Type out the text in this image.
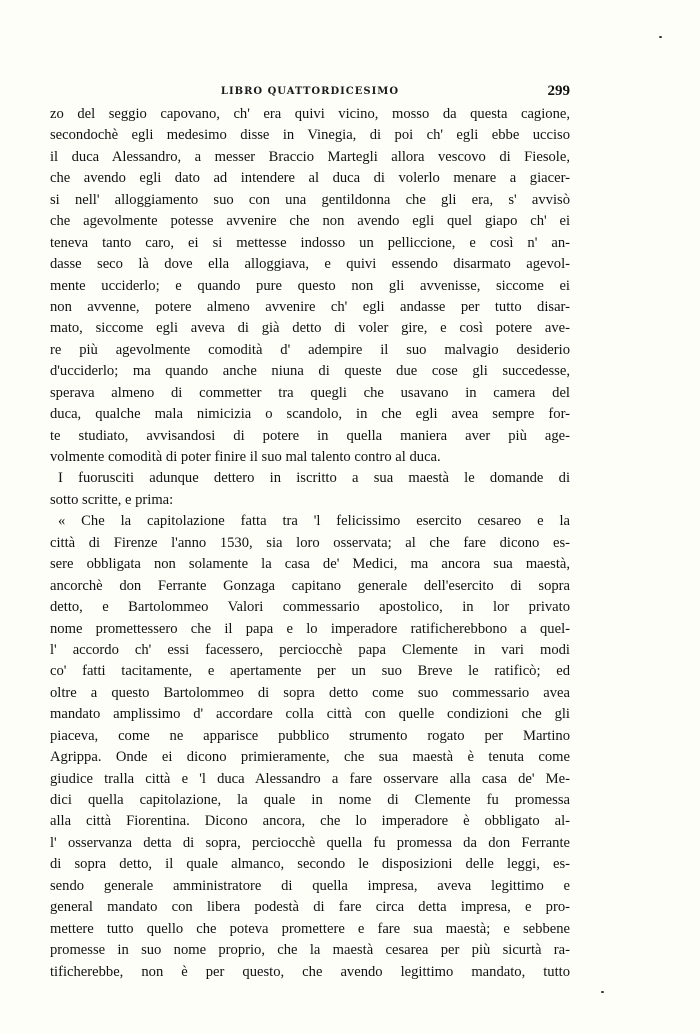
LIBRO QUATTORDICESIMO	299
zo del seggio capovano, ch' era quivi vicino, mosso da questa cagione,
secondochè egli medesimo disse in Vinegia, di poi ch' egli ebbe ucciso
il duca Alessandro, a messer Braccio Martegli allora vescovo di Fiesole,
che avendo egli dato ad intendere al duca di volerlo menare a giacer-
si nell' alloggiamento suo con una gentildonna che gli era, s' avvisò
che agevolmente potesse avvenire che non avendo egli quel giapo ch' ei
teneva tanto caro, ei si mettesse indosso un pelliccione, e così n' an-
dasse seco là dove ella alloggiava, e quivi essendo disarmato agevol-
mente ucciderlo; e quando pure questo non gli avvenisse, siccome ei
non avvenne, potere almeno avvenire ch' egli andasse per tutto disar-
mato, siccome egli aveva di già detto di voler gire, e così potere ave-
re più agevolmente comodità d' adempire il suo malvagio desiderio
d'ucciderlo; ma quando anche niuna di queste due cose gli succedesse,
sperava almeno di commetter tra quegli che usavano in camera del
duca, qualche mala nimicizia o scandolo, in che egli avea sempre for-
te studiato, avvisandosi di potere in quella maniera aver più age-
volmente comodità di poter finire il suo mal talento contro al duca.
I fuorusciti adunque dettero in iscritto a sua maestà le domande di
sotto scritte, e prima:
« Che la capitolazione fatta tra 'l felicissimo esercito cesareo e la
città di Firenze l'anno 1530, sia loro osservata; al che fare dicono es-
sere obbligata non solamente la casa de' Medici, ma ancora sua maestà,
ancorchè don Ferrante Gonzaga capitano generale dell'esercito di sopra
detto, e Bartolommeo Valori commessario apostolico, in lor privato
nome promettessero che il papa e lo imperadore ratificherebbono a quel-
l' accordo ch' essi facessero, perciocchè papa Clemente in vari modi
co' fatti tacitamente, e apertamente per un suo Breve le ratificò; ed
oltre a questo Bartolommeo di sopra detto come suo commessario avea
mandato amplissimo d' accordare colla città con quelle condizioni che gli
piaceva, come ne apparisce pubblico strumento rogato per Martino
Agrippa. Onde ei dicono primieramente, che sua maestà è tenuta come
giudice tralla città e 'l duca Alessandro a fare osservare alla casa de' Me-
dici quella capitolazione, la quale in nome di Clemente fu promessa
alla città Fiorentina. Dicono ancora, che lo imperadore è obbligato al-
l' osservanza detta di sopra, perciocchè quella fu promessa da don Ferrante
di sopra detto, il quale almanco, secondo le disposizioni delle leggi, es-
sendo generale amministratore di quella impresa, aveva legittimo e
general mandato con libera podestà di fare circa detta impresa, e pro-
mettere tutto quello che poteva promettere e fare sua maestà; e sebbene
promesse in suo nome proprio, che la maestà cesarea per più sicurtà ra-
tificherebbe, non è per questo, che avendo legittimo mandato, tutto
